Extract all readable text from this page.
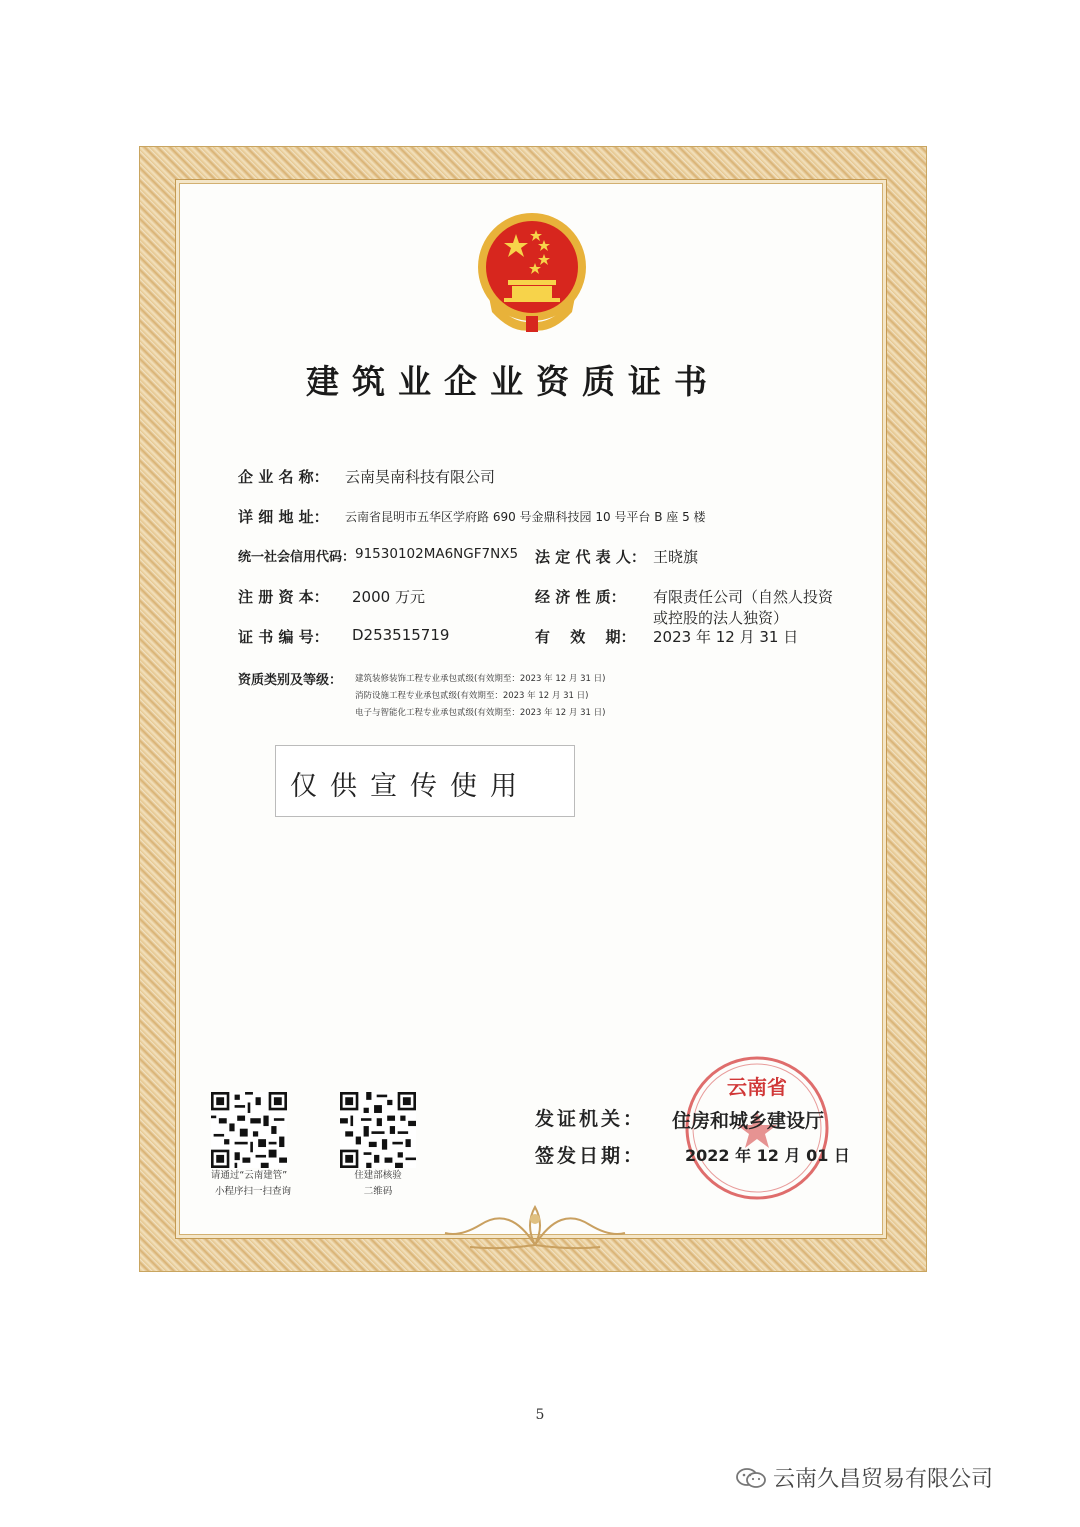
建筑业企业资质证书
企 业 名 称： 云南昊南科技有限公司
详 细 地 址： 云南省昆明市五华区学府路 690 号金鼎科技园 10 号平台 B 座 5 楼
统一社会信用代码： 91530102MA6NGF7NX5 法 定 代 表 人： 王晓旗
注 册 资 本： 2000 万元	经 济 性 质： 有限责任公司（自然人投资
或控股的法人独资）
证 书 编 号： D253515719	有　 效　 期： 2023 年 12 月 31 日
资质类别及等级： 建筑装修装饰工程专业承包贰级(有效期至：2023 年 12 月 31 日)
消防设施工程专业承包贰级(有效期至：2023 年 12 月 31 日)
电子与智能化工程专业承包贰级(有效期至：2023 年 12 月 31 日)
仅供宣传使用
请通过“云南建管”
小程序扫一扫查询
住建部核验
二维码
云南省
发证机关： 住房和城乡建设厅
签发日期： 2022 年 12 月 01 日
5
云南久昌贸易有限公司
